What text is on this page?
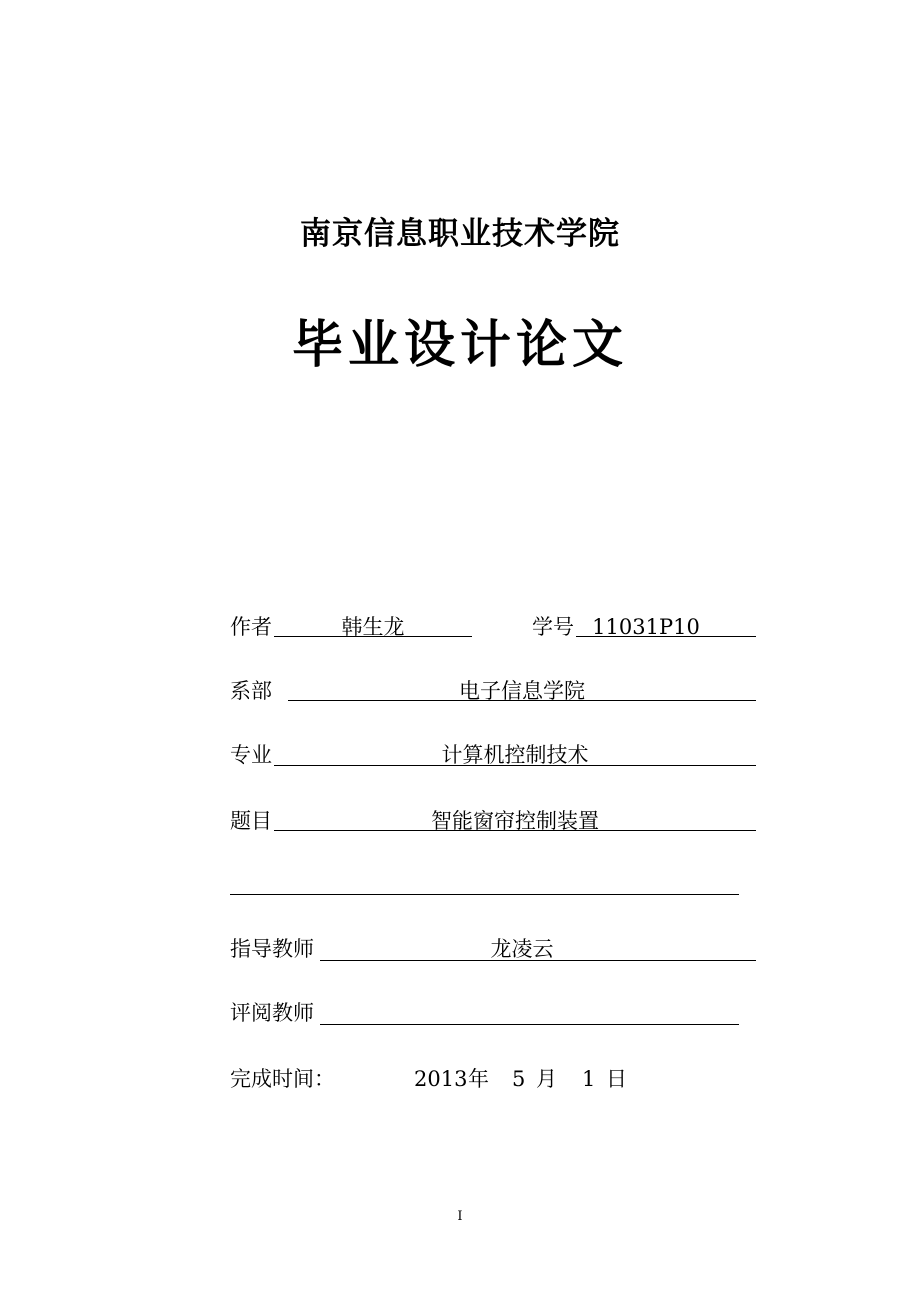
南京信息职业技术学院
毕业设计论文
作者	韩生龙	学号 11031P10
系部	电子信息学院
专业	计算机控制技术
题目	智能窗帘控制装置
指导教师	龙凌云
评阅教师
完成时间：	2013 年 5 月 1 日
I
